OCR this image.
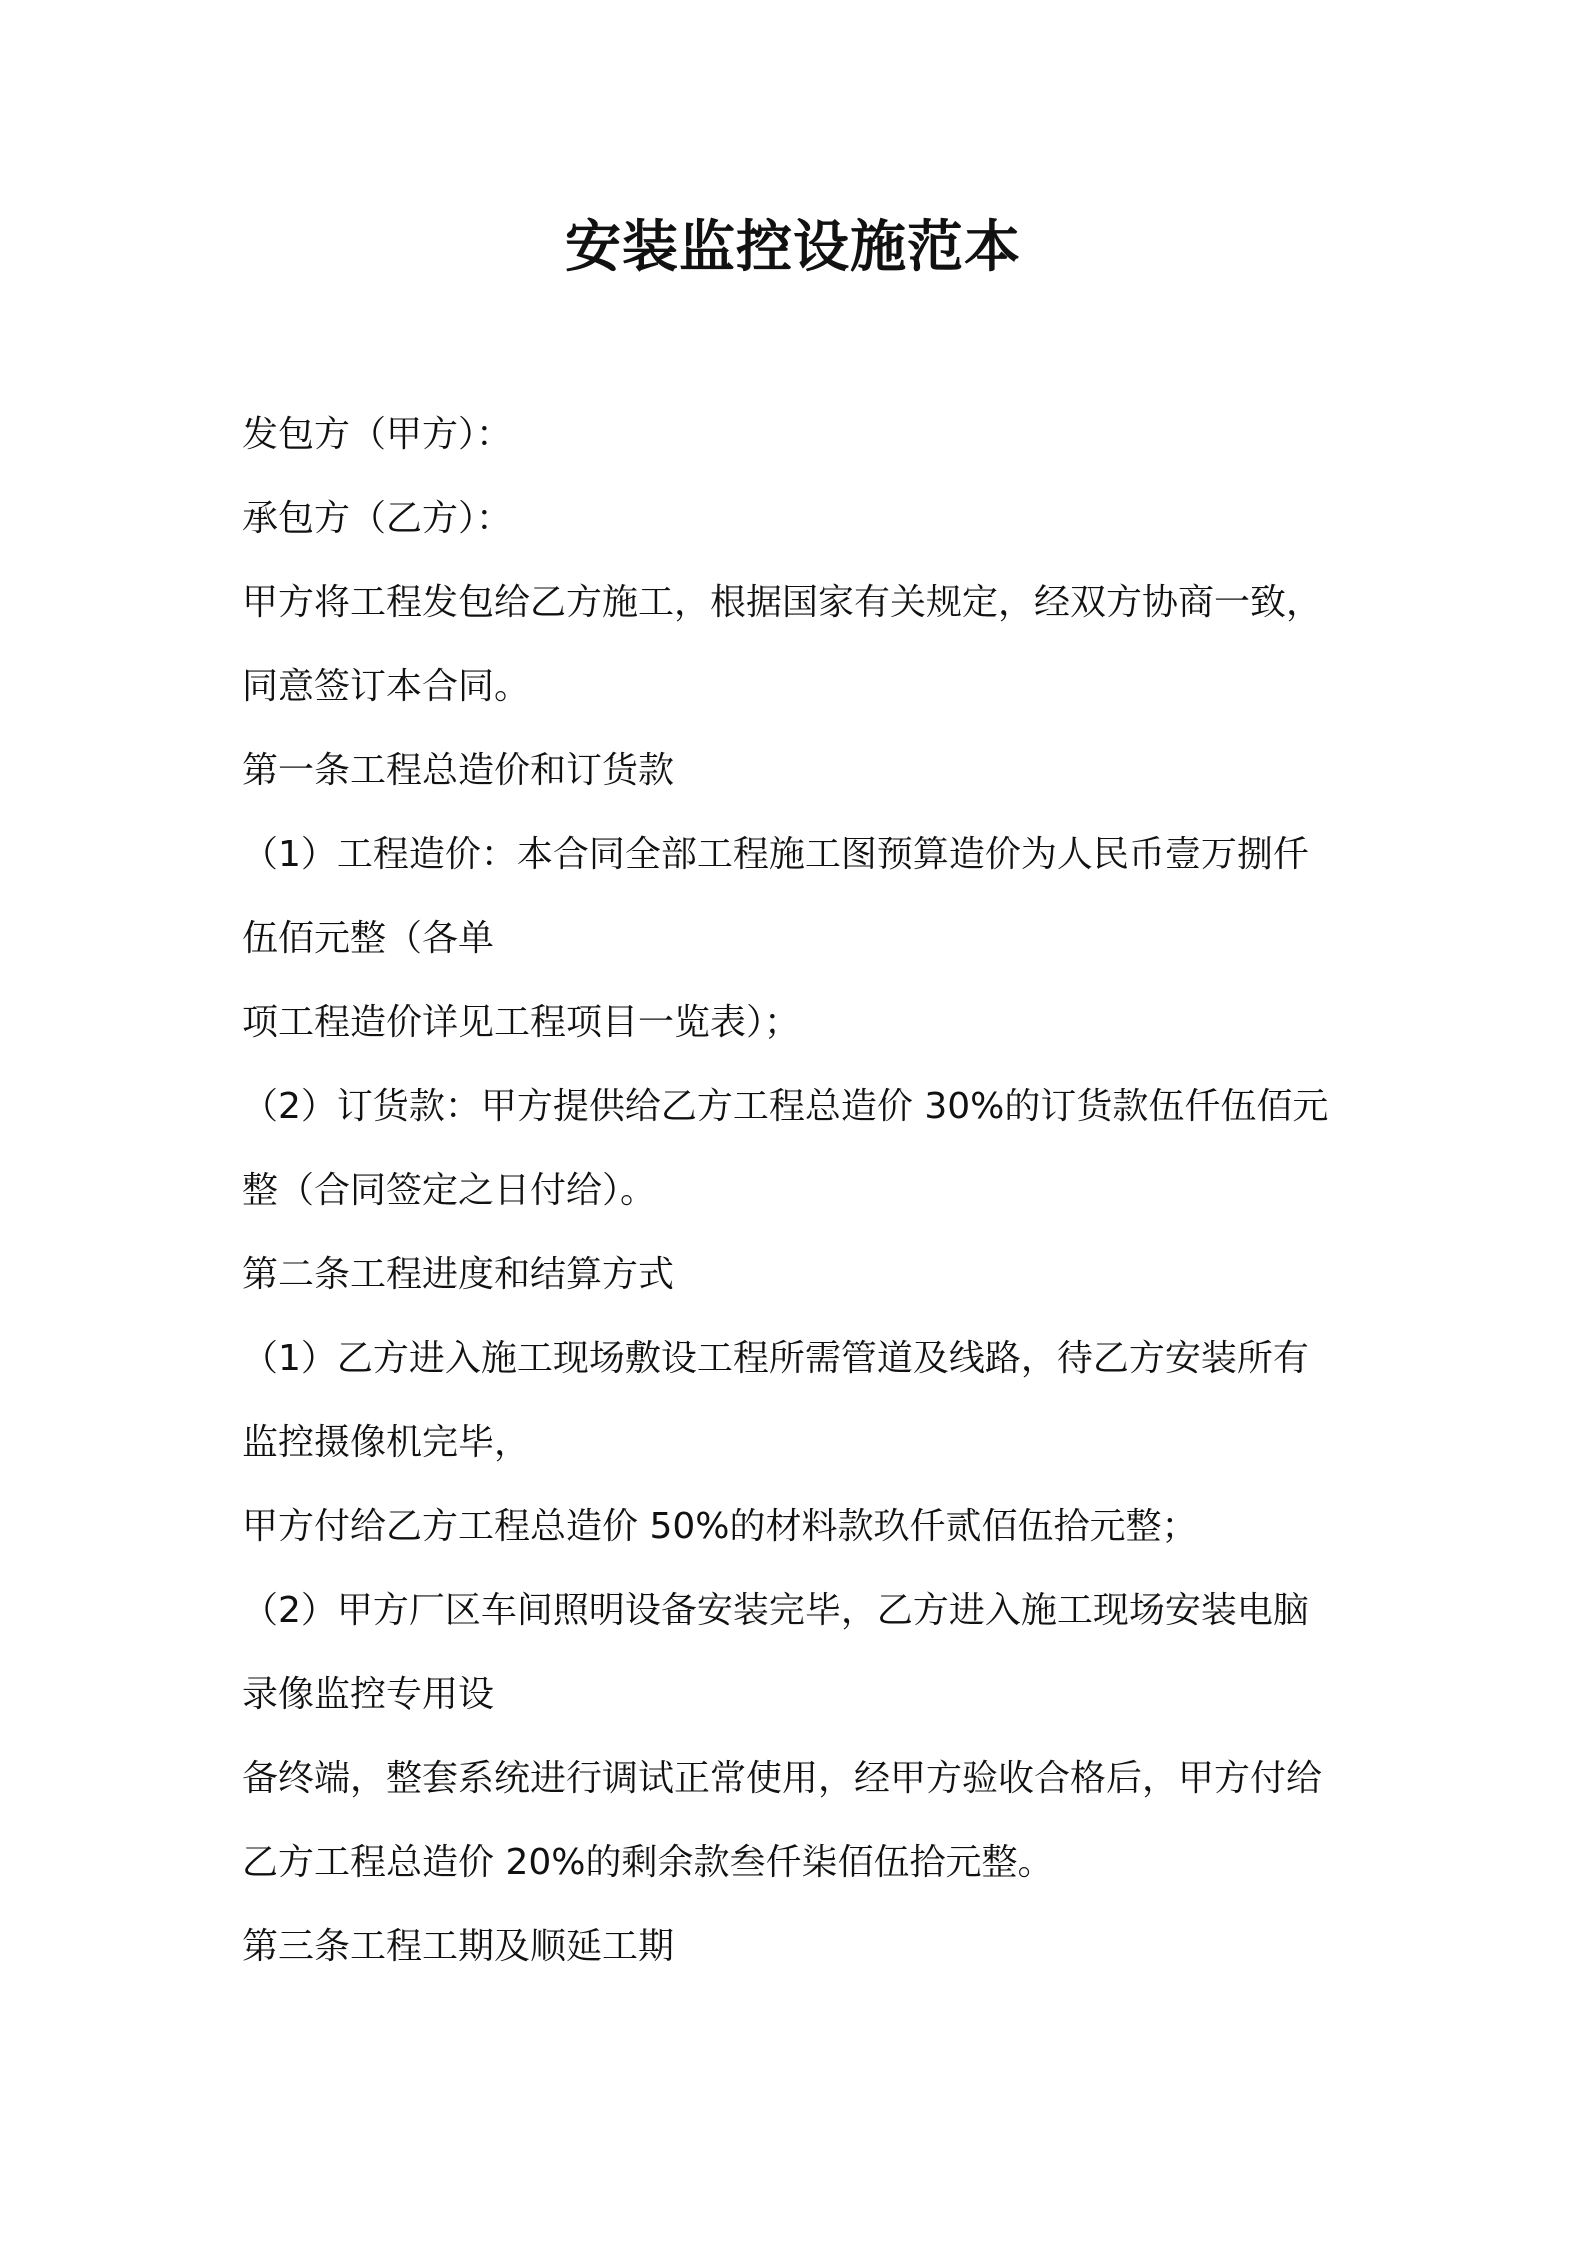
安装监控设施范本
发包方（甲方）：
承包方（乙方）：
甲方将工程发包给乙方施工，根据国家有关规定，经双方协商一致，
同意签订本合同。
第一条工程总造价和订货款
（1）工程造价：本合同全部工程施工图预算造价为人民币壹万捌仟
伍佰元整（各单
项工程造价详见工程项目一览表）；
（2）订货款：甲方提供给乙方工程总造价 30%的订货款伍仟伍佰元
整（合同签定之日付给）。
第二条工程进度和结算方式
（1）乙方进入施工现场敷设工程所需管道及线路，待乙方安装所有
监控摄像机完毕，
甲方付给乙方工程总造价 50%的材料款玖仟贰佰伍拾元整；
（2）甲方厂区车间照明设备安装完毕，乙方进入施工现场安装电脑
录像监控专用设
备终端，整套系统进行调试正常使用，经甲方验收合格后，甲方付给
乙方工程总造价 20%的剩余款叁仟柒佰伍拾元整。
第三条工程工期及顺延工期
